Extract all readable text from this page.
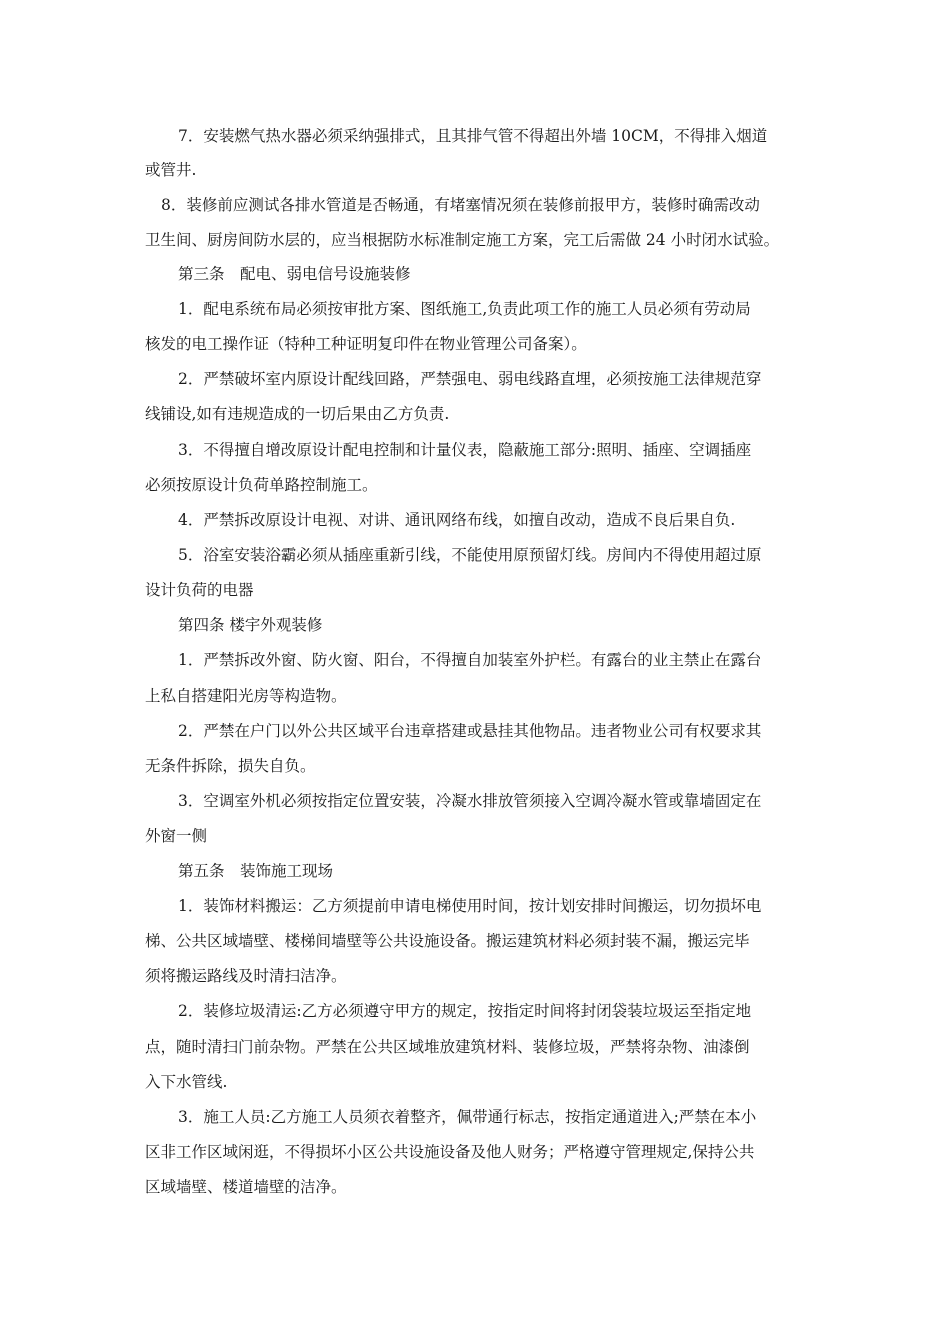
7．安装燃气热水器必须采纳强排式，且其排气管不得超出外墙 10CM，不得排入烟道
或管井.
8．装修前应测试各排水管道是否畅通，有堵塞情况须在装修前报甲方，装修时确需改动
卫生间、厨房间防水层的，应当根据防水标准制定施工方案，完工后需做 24 小时闭水试验。
第三条　配电、弱电信号设施装修
1．配电系统布局必须按审批方案、图纸施工,负责此项工作的施工人员必须有劳动局
核发的电工操作证（特种工种证明复印件在物业管理公司备案）。
2．严禁破坏室内原设计配线回路，严禁强电、弱电线路直埋，必须按施工法律规范穿
线铺设,如有违规造成的一切后果由乙方负责.
3．不得擅自增改原设计配电控制和计量仪表，隐蔽施工部分:照明、插座、空调插座
必须按原设计负荷单路控制施工。
4．严禁拆改原设计电视、对讲、通讯网络布线，如擅自改动，造成不良后果自负.
5．浴室安装浴霸必须从插座重新引线，不能使用原预留灯线。房间内不得使用超过原
设计负荷的电器
第四条 楼宇外观装修
1．严禁拆改外窗、防火窗、阳台，不得擅自加装室外护栏。有露台的业主禁止在露台
上私自搭建阳光房等构造物。
2．严禁在户门以外公共区域平台违章搭建或悬挂其他物品。违者物业公司有权要求其
无条件拆除，损失自负。
3．空调室外机必须按指定位置安装，冷凝水排放管须接入空调冷凝水管或靠墙固定在
外窗一侧
第五条　装饰施工现场
1．装饰材料搬运：乙方须提前申请电梯使用时间，按计划安排时间搬运，切勿损坏电
梯、公共区域墙壁、楼梯间墙壁等公共设施设备。搬运建筑材料必须封装不漏，搬运完毕
须将搬运路线及时清扫洁净。
2．装修垃圾清运:乙方必须遵守甲方的规定，按指定时间将封闭袋装垃圾运至指定地
点，随时清扫门前杂物。严禁在公共区域堆放建筑材料、装修垃圾，严禁将杂物、油漆倒
入下水管线.
3．施工人员:乙方施工人员须衣着整齐，佩带通行标志，按指定通道进入;严禁在本小
区非工作区域闲逛，不得损坏小区公共设施设备及他人财务；严格遵守管理规定,保持公共
区域墙壁、楼道墙壁的洁净。
